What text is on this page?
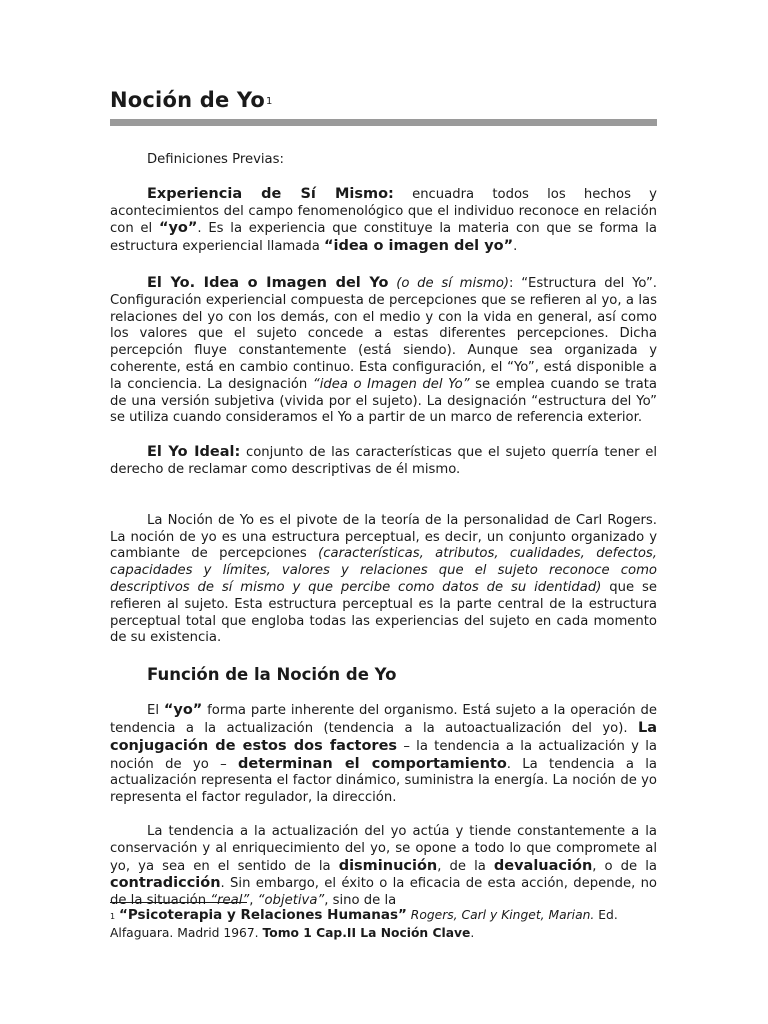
Noción de Yo$^1$

Definiciones Previas:

Experiencia de Sí Mismo: encuadra todos los hechos y acontecimientos del campo fenomenológico que el individuo reconoce en relación con el “yo”. Es la experiencia que constituye la materia con que se forma la estructura experiencial llamada “idea o imagen del yo”.

El Yo. Idea o Imagen del Yo (o de sí mismo): “Estructura del Yo”. Configuración experiencial compuesta de percepciones que se refieren al yo, a las relaciones del yo con los demás, con el medio y con la vida en general, así como los valores que el sujeto concede a estas diferentes percepciones. Dicha percepción fluye constantemente (está siendo). Aunque sea organizada y coherente, está en cambio continuo. Esta configuración, el “Yo”, está disponible a la conciencia. La designación “idea o Imagen del Yo” se emplea cuando se trata de una versión subjetiva (vivida por el sujeto). La designación “estructura del Yo” se utiliza cuando consideramos el Yo a partir de un marco de referencia exterior.

El Yo Ideal: conjunto de las características que el sujeto querría tener el derecho de reclamar como descriptivas de él mismo.

La Noción de Yo es el pivote de la teoría de la personalidad de Carl Rogers. La noción de yo es una estructura perceptual, es decir, un conjunto organizado y cambiante de percepciones (características, atributos, cualidades, defectos, capacidades y límites, valores y relaciones que el sujeto reconoce como descriptivos de sí mismo y que percibe como datos de su identidad) que se refieren al sujeto. Esta estructura perceptual es la parte central de la estructura perceptual total que engloba todas las experiencias del sujeto en cada momento de su existencia.

Función de la Noción de Yo

El “yo” forma parte inherente del organismo. Está sujeto a la operación de tendencia a la actualización (tendencia a la autoactualización del yo). La conjugación de estos dos factores – la tendencia a la actualización y la noción de yo – determinan el comportamiento. La tendencia a la actualización representa el factor dinámico, suministra la energía. La noción de yo representa el factor regulador, la dirección.

La tendencia a la actualización del yo actúa y tiende constantemente a la conservación y al enriquecimiento del yo, se opone a todo lo que compromete al yo, ya sea en el sentido de la disminución, de la devaluación, o de la contradicción. Sin embargo, el éxito o la eficacia de esta acción, depende, no de la situación “real”, “objetiva”, sino de la

$^1$ “Psicoterapia y Relaciones Humanas” Rogers, Carl y Kinget, Marian. Ed. Alfaguara. Madrid 1967. Tomo 1 Cap.II La Noción Clave.
